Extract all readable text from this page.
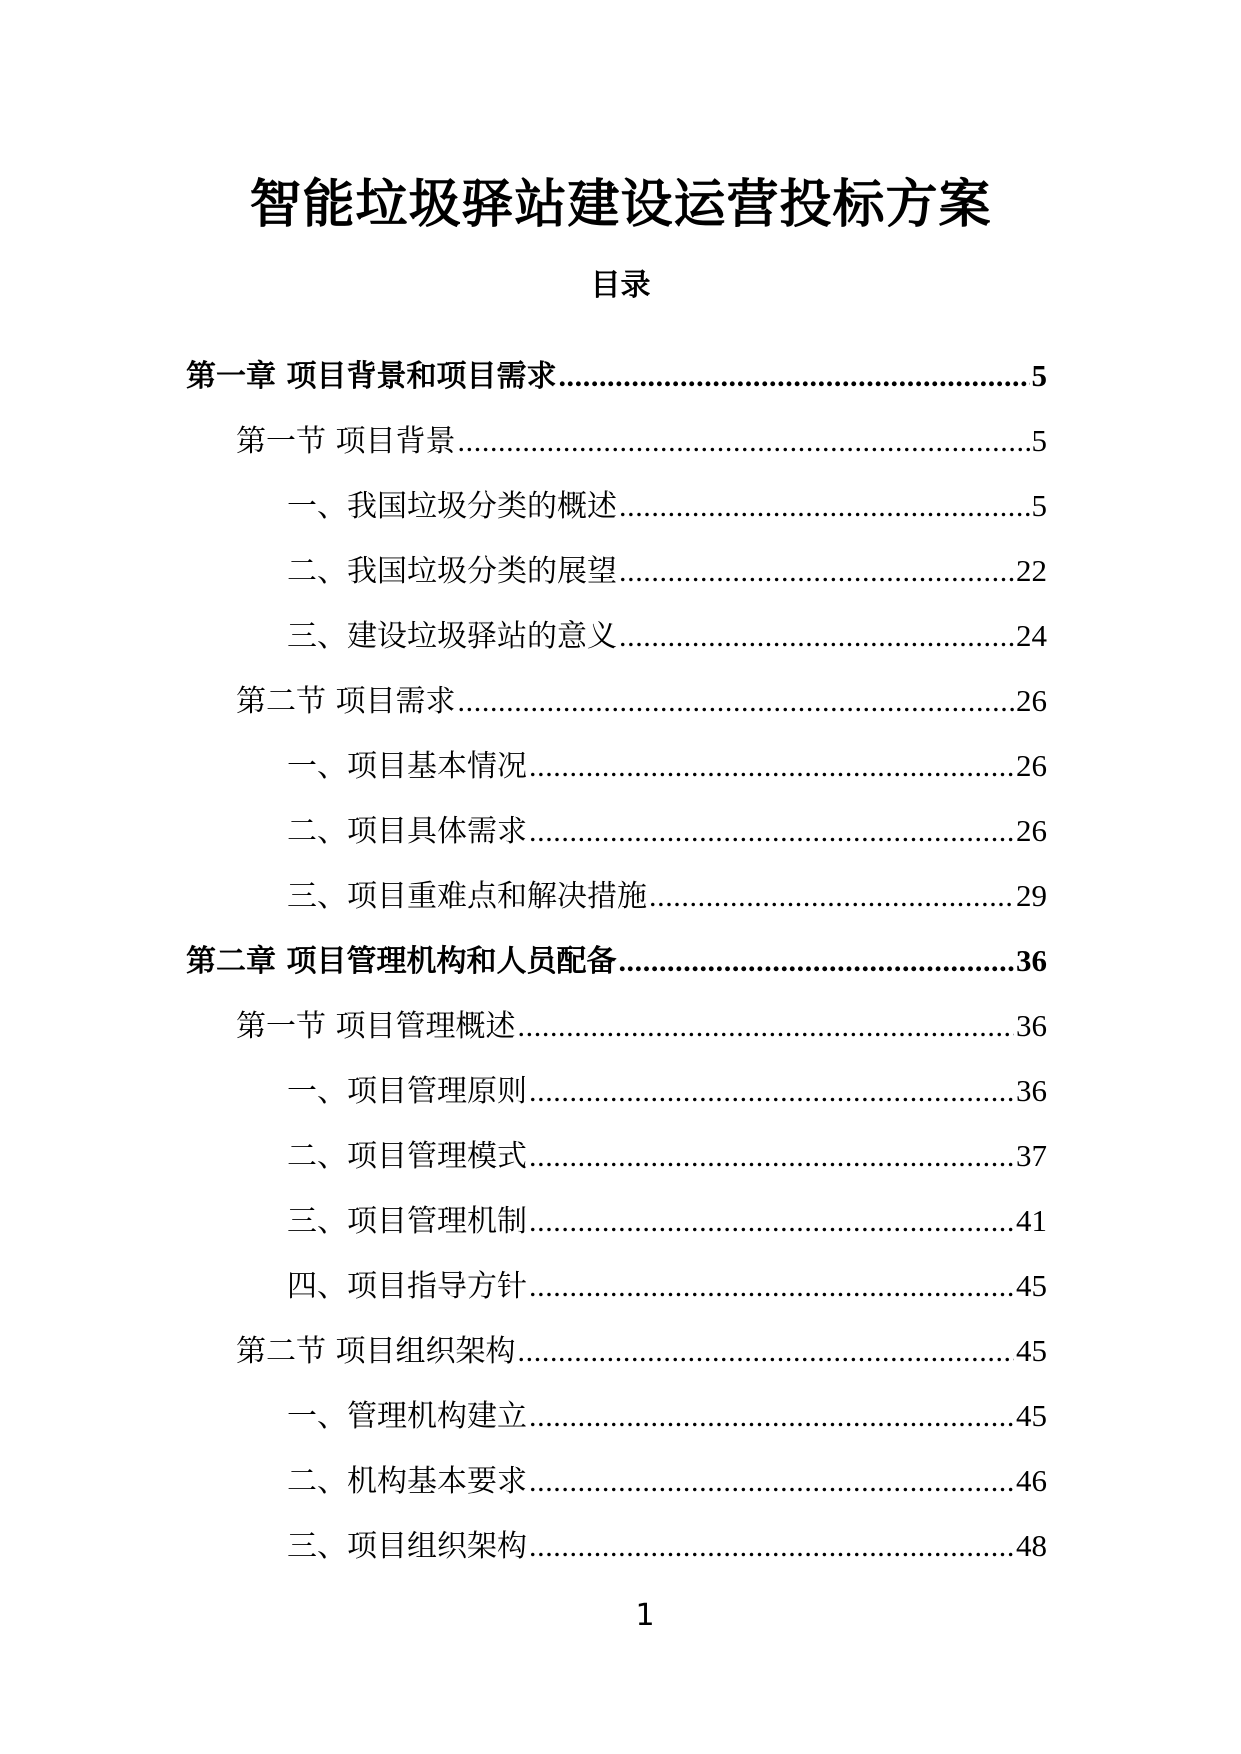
智能垃圾驿站建设运营投标方案
目录
第一章 项目背景和项目需求 .....	5
第一节 项目背景 .....	5
一、我国垃圾分类的概述 .....	5
二、我国垃圾分类的展望 .....	22
三、建设垃圾驿站的意义 .....	24
第二节 项目需求 .....	26
一、项目基本情况 .....	26
二、项目具体需求 .....	26
三、项目重难点和解决措施 .....	29
第二章 项目管理机构和人员配备 .....	36
第一节 项目管理概述 .....	36
一、项目管理原则 .....	36
二、项目管理模式 .....	37
三、项目管理机制 .....	41
四、项目指导方针 .....	45
第二节 项目组织架构 .....	45
一、管理机构建立 .....	45
二、机构基本要求 .....	46
三、项目组织架构 .....	48

1
